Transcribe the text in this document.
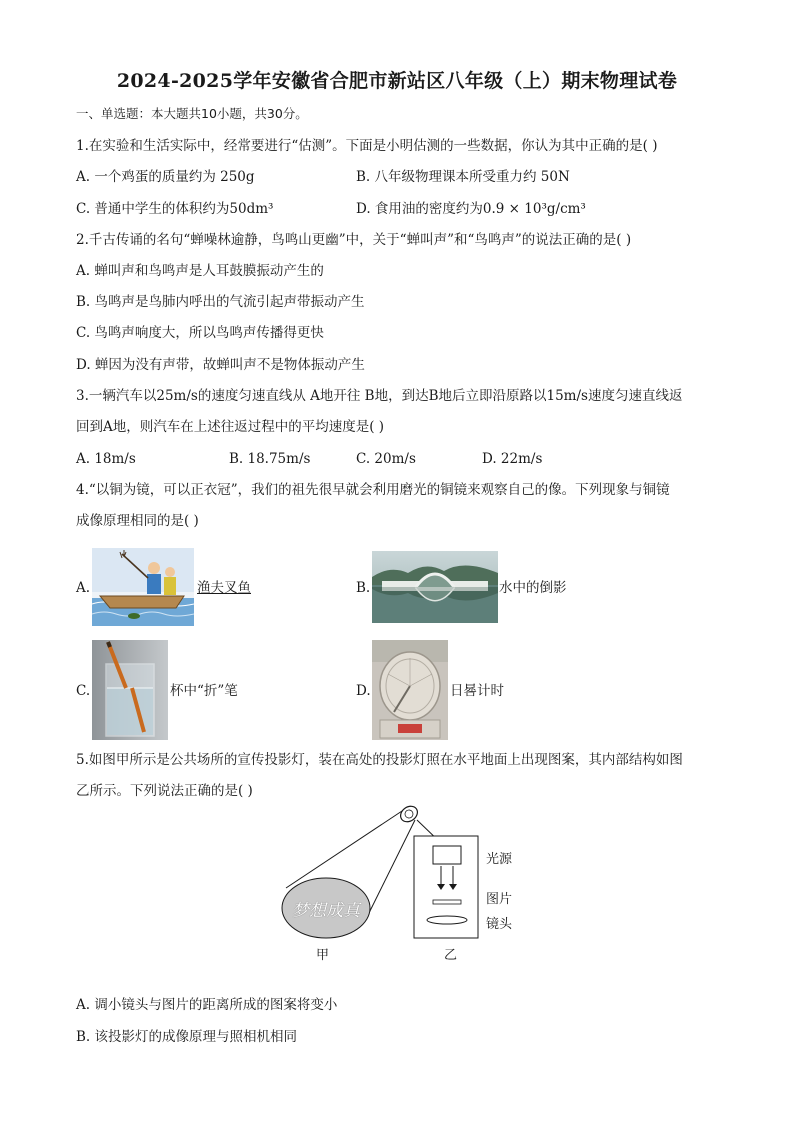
2024-2025学年安徽省合肥市新站区八年级（上）期末物理试卷
一、单选题：本大题共10小题，共30分。
1.在实验和生活实际中，经常要进行“估测”。下面是小明估测的一些数据，你认为其中正确的是( )
A. 一个鸡蛋的质量约为 250g	B. 八年级物理课本所受重力约 50N
C. 普通中学生的体积约为50dm³	D. 食用油的密度约为0.9 × 10³g/cm³
2.千古传诵的名句“蝉噪林逾静，鸟鸣山更幽”中，关于“蝉叫声”和“鸟鸣声”的说法正确的是( )
A. 蝉叫声和鸟鸣声是人耳鼓膜振动产生的
B. 鸟鸣声是鸟肺内呼出的气流引起声带振动产生
C. 鸟鸣声响度大，所以鸟鸣声传播得更快
D. 蝉因为没有声带，故蝉叫声不是物体振动产生
3.一辆汽车以25m/s的速度匀速直线从 A地开往 B地，到达B地后立即沿原路以15m/s速度匀速直线返
回到A地，则汽车在上述往返过程中的平均速度是( )
A. 18m/s	B. 18.75m/s	C. 20m/s	D. 22m/s
4.“以铜为镜，可以正衣冠”，我们的祖先很早就会利用磨光的铜镜来观察自己的像。下列现象与铜镜
成像原理相同的是( )
A.	渔夫叉鱼	B.	水中的倒影
C.	杯中“折”笔	D.	日晷计时
5.如图甲所示是公共场所的宣传投影灯，装在高处的投影灯照在水平地面上出现图案，其内部结构如图
乙所示。下列说法正确的是( )
梦想成真
甲	乙
光源
图片
镜头
A. 调小镜头与图片的距离所成的图案将变小
B. 该投影灯的成像原理与照相机相同
